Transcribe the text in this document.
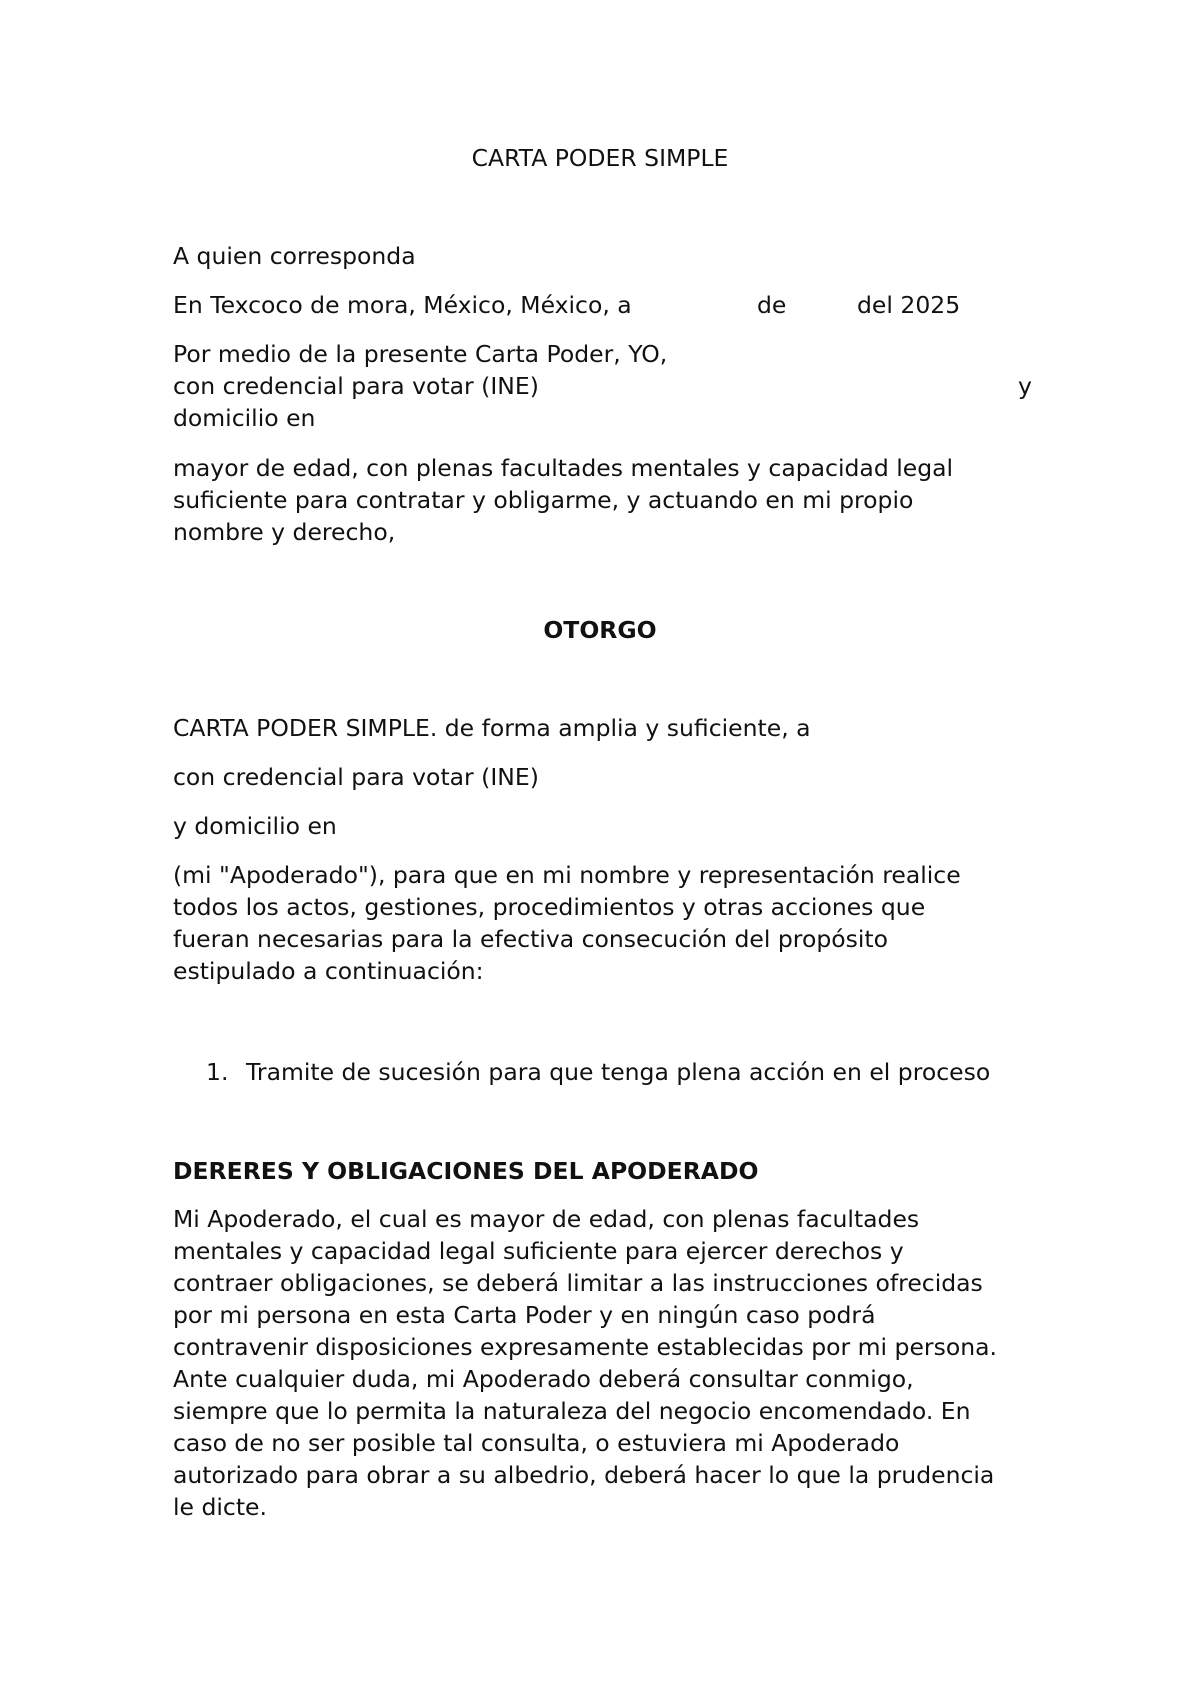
CARTA PODER SIMPLE
A quien corresponda
En Texcoco de mora, México, México, a	de	del 2025
Por medio de la presente Carta Poder, YO,
con credencial para votar (INE)	y
domicilio en
mayor de edad, con plenas facultades mentales y capacidad legal
suficiente para contratar y obligarme, y actuando en mi propio
nombre y derecho,
OTORGO
CARTA PODER SIMPLE. de forma amplia y suficiente, a
con credencial para votar (INE)
y domicilio en
(mi "Apoderado"), para que en mi nombre y representación realice
todos los actos, gestiones, procedimientos y otras acciones que
fueran necesarias para la efectiva consecución del propósito
estipulado a continuación:
1. Tramite de sucesión para que tenga plena acción en el proceso
DERERES Y OBLIGACIONES DEL APODERADO
Mi Apoderado, el cual es mayor de edad, con plenas facultades
mentales y capacidad legal suficiente para ejercer derechos y
contraer obligaciones, se deberá limitar a las instrucciones ofrecidas
por mi persona en esta Carta Poder y en ningún caso podrá
contravenir disposiciones expresamente establecidas por mi persona.
Ante cualquier duda, mi Apoderado deberá consultar conmigo,
siempre que lo permita la naturaleza del negocio encomendado. En
caso de no ser posible tal consulta, o estuviera mi Apoderado
autorizado para obrar a su albedrio, deberá hacer lo que la prudencia
le dicte.
